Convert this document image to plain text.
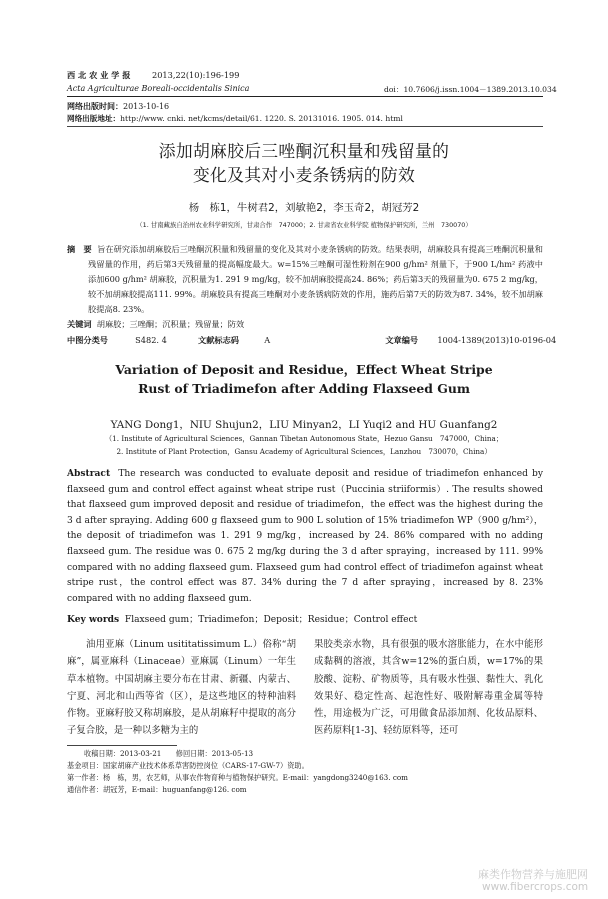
西 北 农 业 学 报	2013,22(10):196-199
Acta Agriculturae Boreali-occidentalis Sinica	doi：10.7606/j.issn.1004－1389.2013.10.034
网络出版时间：2013-10-16
网络出版地址：http://www. cnki. net/kcms/detail/61. 1220. S. 20131016. 1905. 014. html
添加胡麻胶后三唑酮沉积量和残留量的
变化及其对小麦条锈病的防效
杨　栋1，牛树君2，刘敏艳2，李玉奇2，胡冠芳2
（1. 甘南藏族自治州农业科学研究所，甘肃合作　747000；2. 甘肃省农业科学院 植物保护研究所，兰州　730070）
摘　要 旨在研究添加胡麻胶后三唑酮沉积量和残留量的变化及其对小麦条锈病的防效。结果表明，胡麻胶具有提高三唑酮沉积量和残留量的作用，药后第3天残留量的提高幅度最大。w=15%三唑酮可湿性粉剂在900 g/hm² 剂量下，于900 L/hm² 药液中添加600 g/hm² 胡麻胶，沉积量为1. 291 9 mg/kg，较不加胡麻胶提高24. 86%；药后第3天的残留量为0. 675 2 mg/kg，较不加胡麻胶提高111. 99%。胡麻胶具有提高三唑酮对小麦条锈病防效的作用，施药后第7天的防效为87. 34%，较不加胡麻胶提高8. 23%。
关键词 胡麻胶；三唑酮；沉积量；残留量；防效
中图分类号	S482. 4	文献标志码	A	文章编号 1004-1389(2013)10-0196-04
Variation of Deposit and Residue，Effect Wheat Stripe
Rust of Triadimefon after Adding Flaxseed Gum
YANG Dong1，NIU Shujun2，LIU Minyan2，LI Yuqi2 and HU Guanfang2
（1. Institute of Agricultural Sciences，Gannan Tibetan Autonomous State，Hezuo Gansu　747000，China；
2. Institute of Plant Protection，Gansu Academy of Agricultural Sciences，Lanzhou　730070，China）
Abstract The research was conducted to evaluate deposit and residue of triadimefon enhanced by flaxseed gum and control effect against wheat stripe rust（Puccinia striiformis）. The results showed that flaxseed gum improved deposit and residue of triadimefon，the effect was the highest during the 3 d after spraying. Adding 600 g flaxseed gum to 900 L solution of 15% triadimefon WP（900 g/hm²），the deposit of triadimefon was 1. 291 9 mg/kg，increased by 24. 86% compared with no adding flaxseed gum. The residue was 0. 675 2 mg/kg during the 3 d after spraying，increased by 111. 99% compared with no adding flaxseed gum. Flaxseed gum had control effect of triadimefon against wheat stripe rust，the control effect was 87. 34% during the 7 d after spraying，increased by 8. 23% compared with no adding flaxseed gum.
Key words Flaxseed gum；Triadimefon；Deposit；Residue；Control effect
油用亚麻（Linum usititatissimum L.）俗称“胡麻”，属亚麻科（Linaceae）亚麻属（Linum）一年生草本植物。中国胡麻主要分布在甘肃、新疆、内蒙古、宁夏、河北和山西等省（区），是这些地区的特种油料作物。亚麻籽胶又称胡麻胶，是从胡麻籽中提取的高分子复合胶，是一种以多糖为主的
果胶类亲水物，具有很强的吸水溶胀能力，在水中能形成黏稠的溶液，其含w=12%的蛋白质，w=17%的果胶酸、淀粉、矿物质等，具有吸水性强、黏性大、乳化效果好、稳定性高、起泡性好、吸附解毒重金属等特性，用途极为广泛，可用做食品添加剂、化妆品原料、医药原料[1-3]、轻纺原料等，还可
收稿日期：2013-03-21　　修回日期：2013-05-13
基金项目：国家胡麻产业技术体系草害防控岗位（CARS-17-GW-7）资助。
第一作者：杨　栋，男，农艺师，从事农作物育种与植物保护研究。E-mail：yangdong3240@163. com
通信作者：胡冠芳，E-mail：huguanfang@126. com
麻类作物营养与施肥网
www.fibercrops.com
